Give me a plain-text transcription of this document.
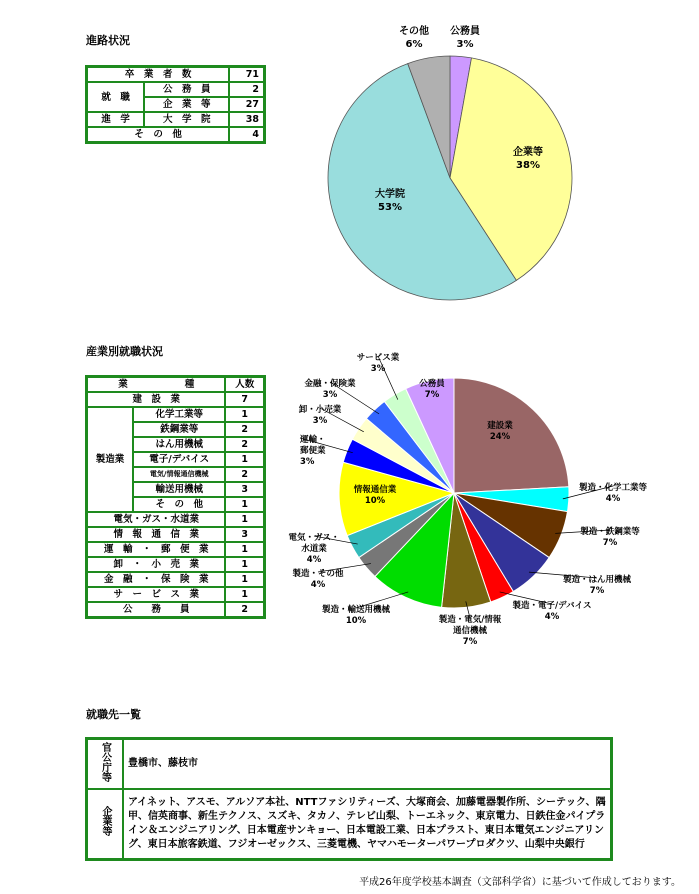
進路状況
卒　業　者　数		71
就　職	公　務　員	2
	企　業　等	27
進　学	大　学　院	38
そ　の　他		4
公務員
3%
企業等
38%
大学院
53%
その他
6%
産業別就職状況
業　　　　　　種		人数
建　設　業		7
製造業	化学工業等	1
	鉄鋼業等	2
	はん用機械	2
	電子/デバイス	1
	電気/情報通信機械	2
	輸送用機械	3
	そ　の　他	1
電気・ガス・水道業		1
情　報　通　信　業		3
運　輸　・　郵　便　業		1
卸　・　小　売　業		1
金　融　・　保　険　業		1
サ　ー　ビ　ス　業		1
公　　務　　員		2
建設業
24%
製造・化学工業等
4%
製造・鉄鋼業等
7%
製造・はん用機械
7%
製造・電子/デバイス
4%
製造・電気/情報
通信機械
7%
製造・輸送用機械
10%
製造・その他
4%
電気・ガス・
水道業
4%
情報通信業
10%
運輸・
郵便業
3%
卸・小売業
3%
金融・保険業
3%
サービス業
3%
公務員
7%
就職先一覧
官公庁等	豊橋市、藤枝市
企業等	アイネット、アスモ、アルソア本社、NTTファシリティーズ、大塚商会、加藤電器製作所、シーテック、隅甲、信英商事、新生テクノス、スズキ、タカノ、テレビ山梨、トーエネック、東京電力、日鉄住金パイプライン＆エンジニアリング、日本電産サンキョー、日本電設工業、日本プラスト、東日本電気エンジニアリング、東日本旅客鉄道、フジオーゼックス、三菱電機、ヤマハモーターパワープロダクツ、山梨中央銀行
平成26年度学校基本調査（文部科学省）に基づいて作成しております。
